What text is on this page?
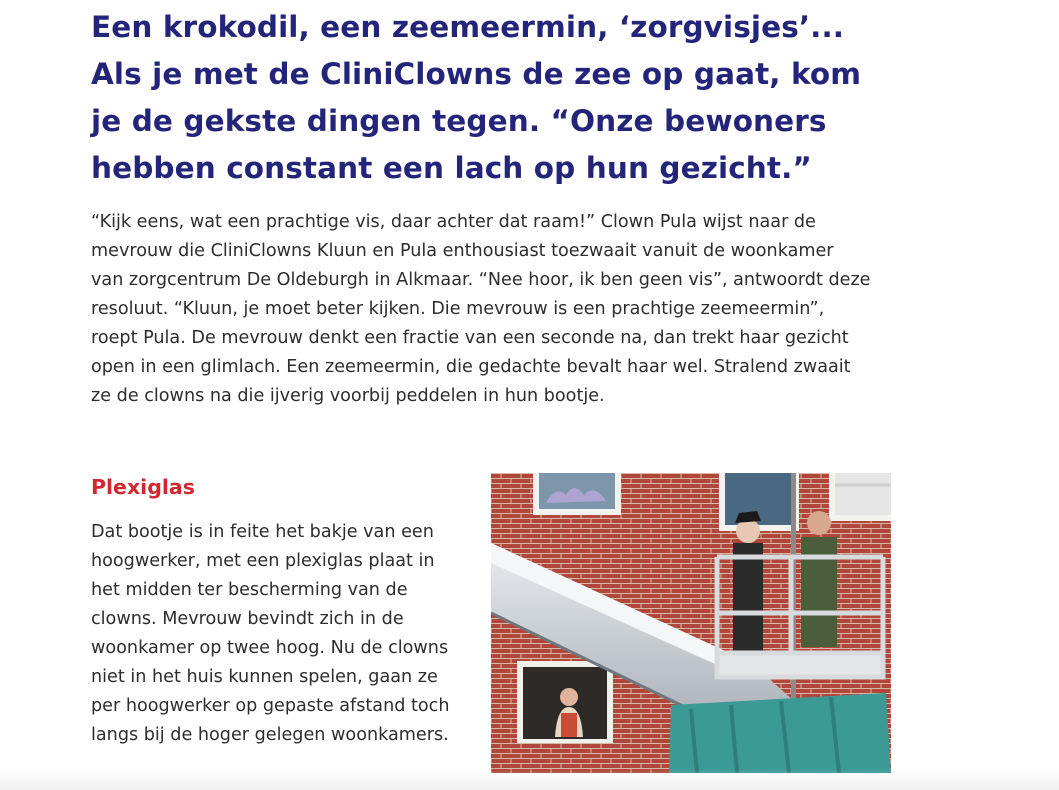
Een krokodil, een zeemeermin, ‘zorgvisjes’... Als je met de CliniClowns de zee op gaat, kom je de gekste dingen tegen. “Onze bewoners hebben constant een lach op hun gezicht.”

“Kijk eens, wat een prachtige vis, daar achter dat raam!” Clown Pula wijst naar de mevrouw die CliniClowns Kluun en Pula enthousiast toezwaait vanuit de woonkamer van zorgcentrum De Oldeburgh in Alkmaar. “Nee hoor, ik ben geen vis”, antwoordt deze resoluut. “Kluun, je moet beter kijken. Die mevrouw is een prachtige zeemeermin”, roept Pula. De mevrouw denkt een fractie van een seconde na, dan trekt haar gezicht open in een glimlach. Een zeemeermin, die gedachte bevalt haar wel. Stralend zwaait ze de clowns na die ijverig voorbij peddelen in hun bootje.

Plexiglas

Dat bootje is in feite het bakje van een hoogwerker, met een plexiglas plaat in het midden ter bescherming van de clowns. Mevrouw bevindt zich in de woonkamer op twee hoog. Nu de clowns niet in het huis kunnen spelen, gaan ze per hoogwerker op gepaste afstand toch langs bij de hoger gelegen woonkamers.
